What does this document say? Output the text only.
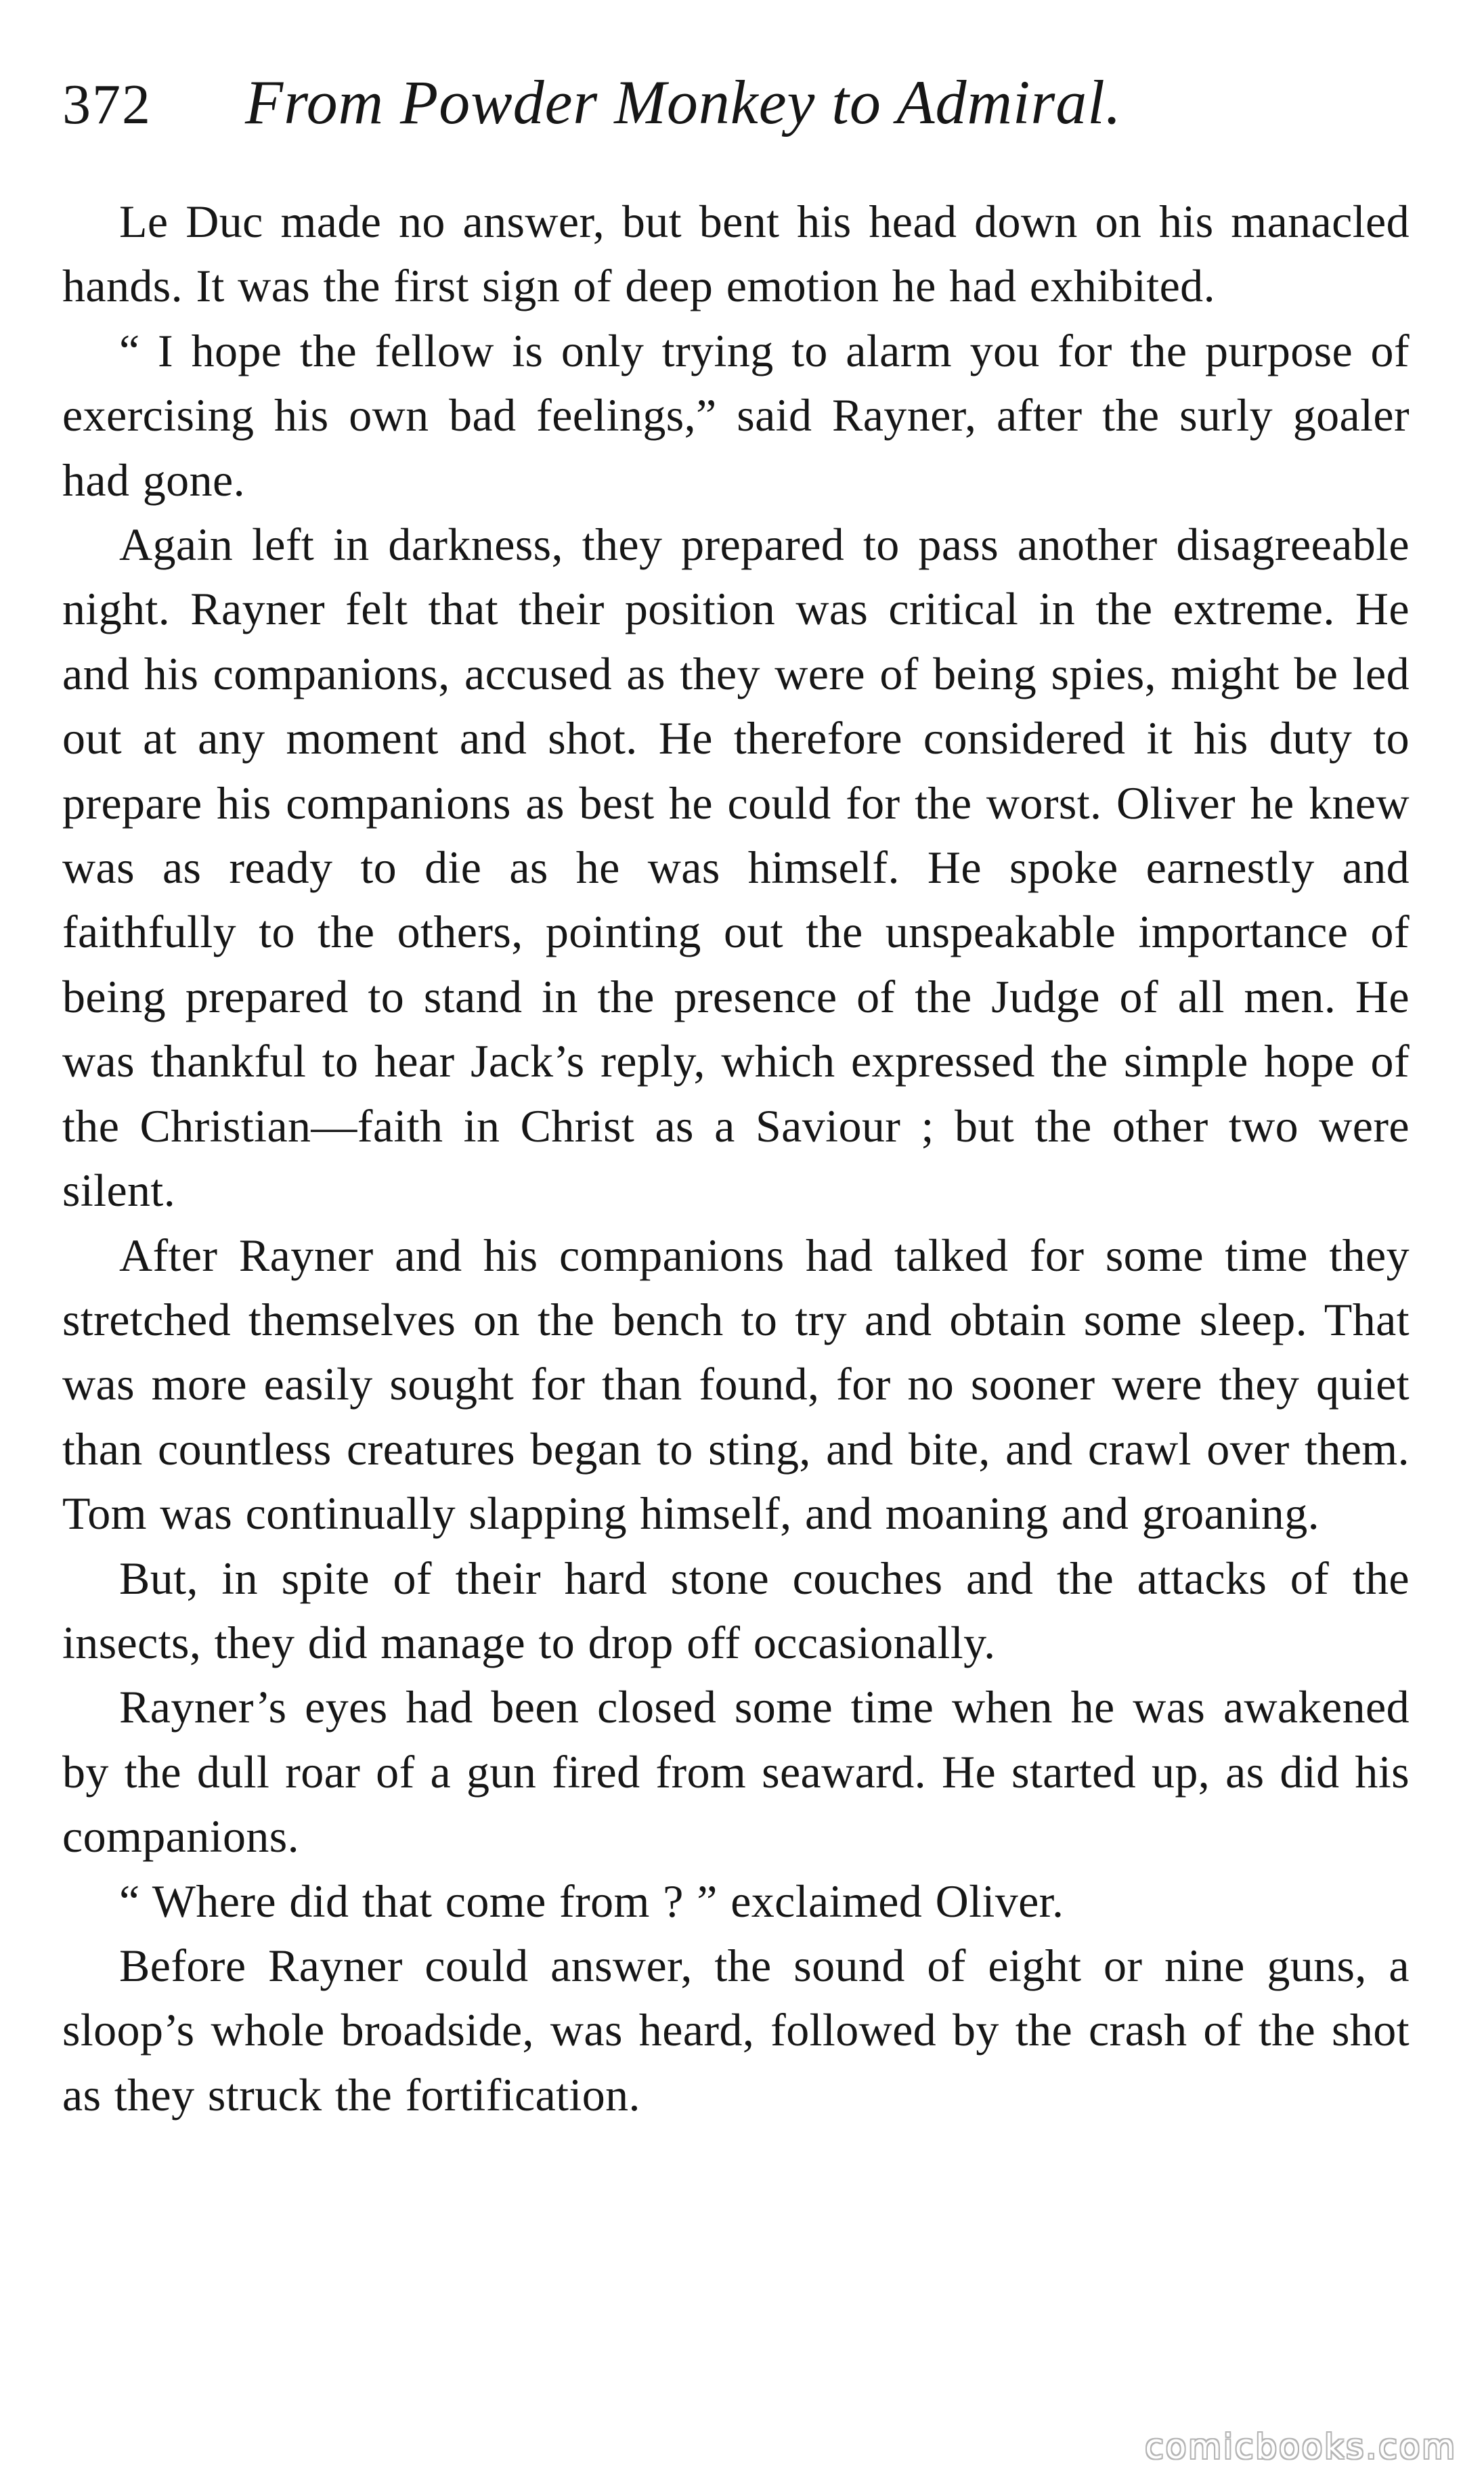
372 From Powder Monkey to Admiral.

Le Duc made no answer, but bent his head down on his manacled hands. It was the first sign of deep emotion he had exhibited.

“ I hope the fellow is only trying to alarm you for the purpose of exercising his own bad feelings,” said Rayner, after the surly goaler had gone.

Again left in darkness, they prepared to pass another disagreeable night. Rayner felt that their position was critical in the extreme. He and his companions, accused as they were of being spies, might be led out at any moment and shot. He therefore considered it his duty to prepare his companions as best he could for the worst. Oliver he knew was as ready to die as he was himself. He spoke earnestly and faithfully to the others, pointing out the unspeakable importance of being prepared to stand in the presence of the Judge of all men. He was thankful to hear Jack’s reply, which expressed the simple hope of the Christian—faith in Christ as a Saviour ; but the other two were silent.

After Rayner and his companions had talked for some time they stretched themselves on the bench to try and obtain some sleep. That was more easily sought for than found, for no sooner were they quiet than countless creatures began to sting, and bite, and crawl over them. Tom was continually slapping himself, and moaning and groaning.

But, in spite of their hard stone couches and the attacks of the insects, they did manage to drop off occasionally.

Rayner’s eyes had been closed some time when he was awakened by the dull roar of a gun fired from seaward. He started up, as did his companions.

“ Where did that come from ? ” exclaimed Oliver.

Before Rayner could answer, the sound of eight or nine guns, a sloop’s whole broadside, was heard, followed by the crash of the shot as they struck the fortification.

comicbooks.com
